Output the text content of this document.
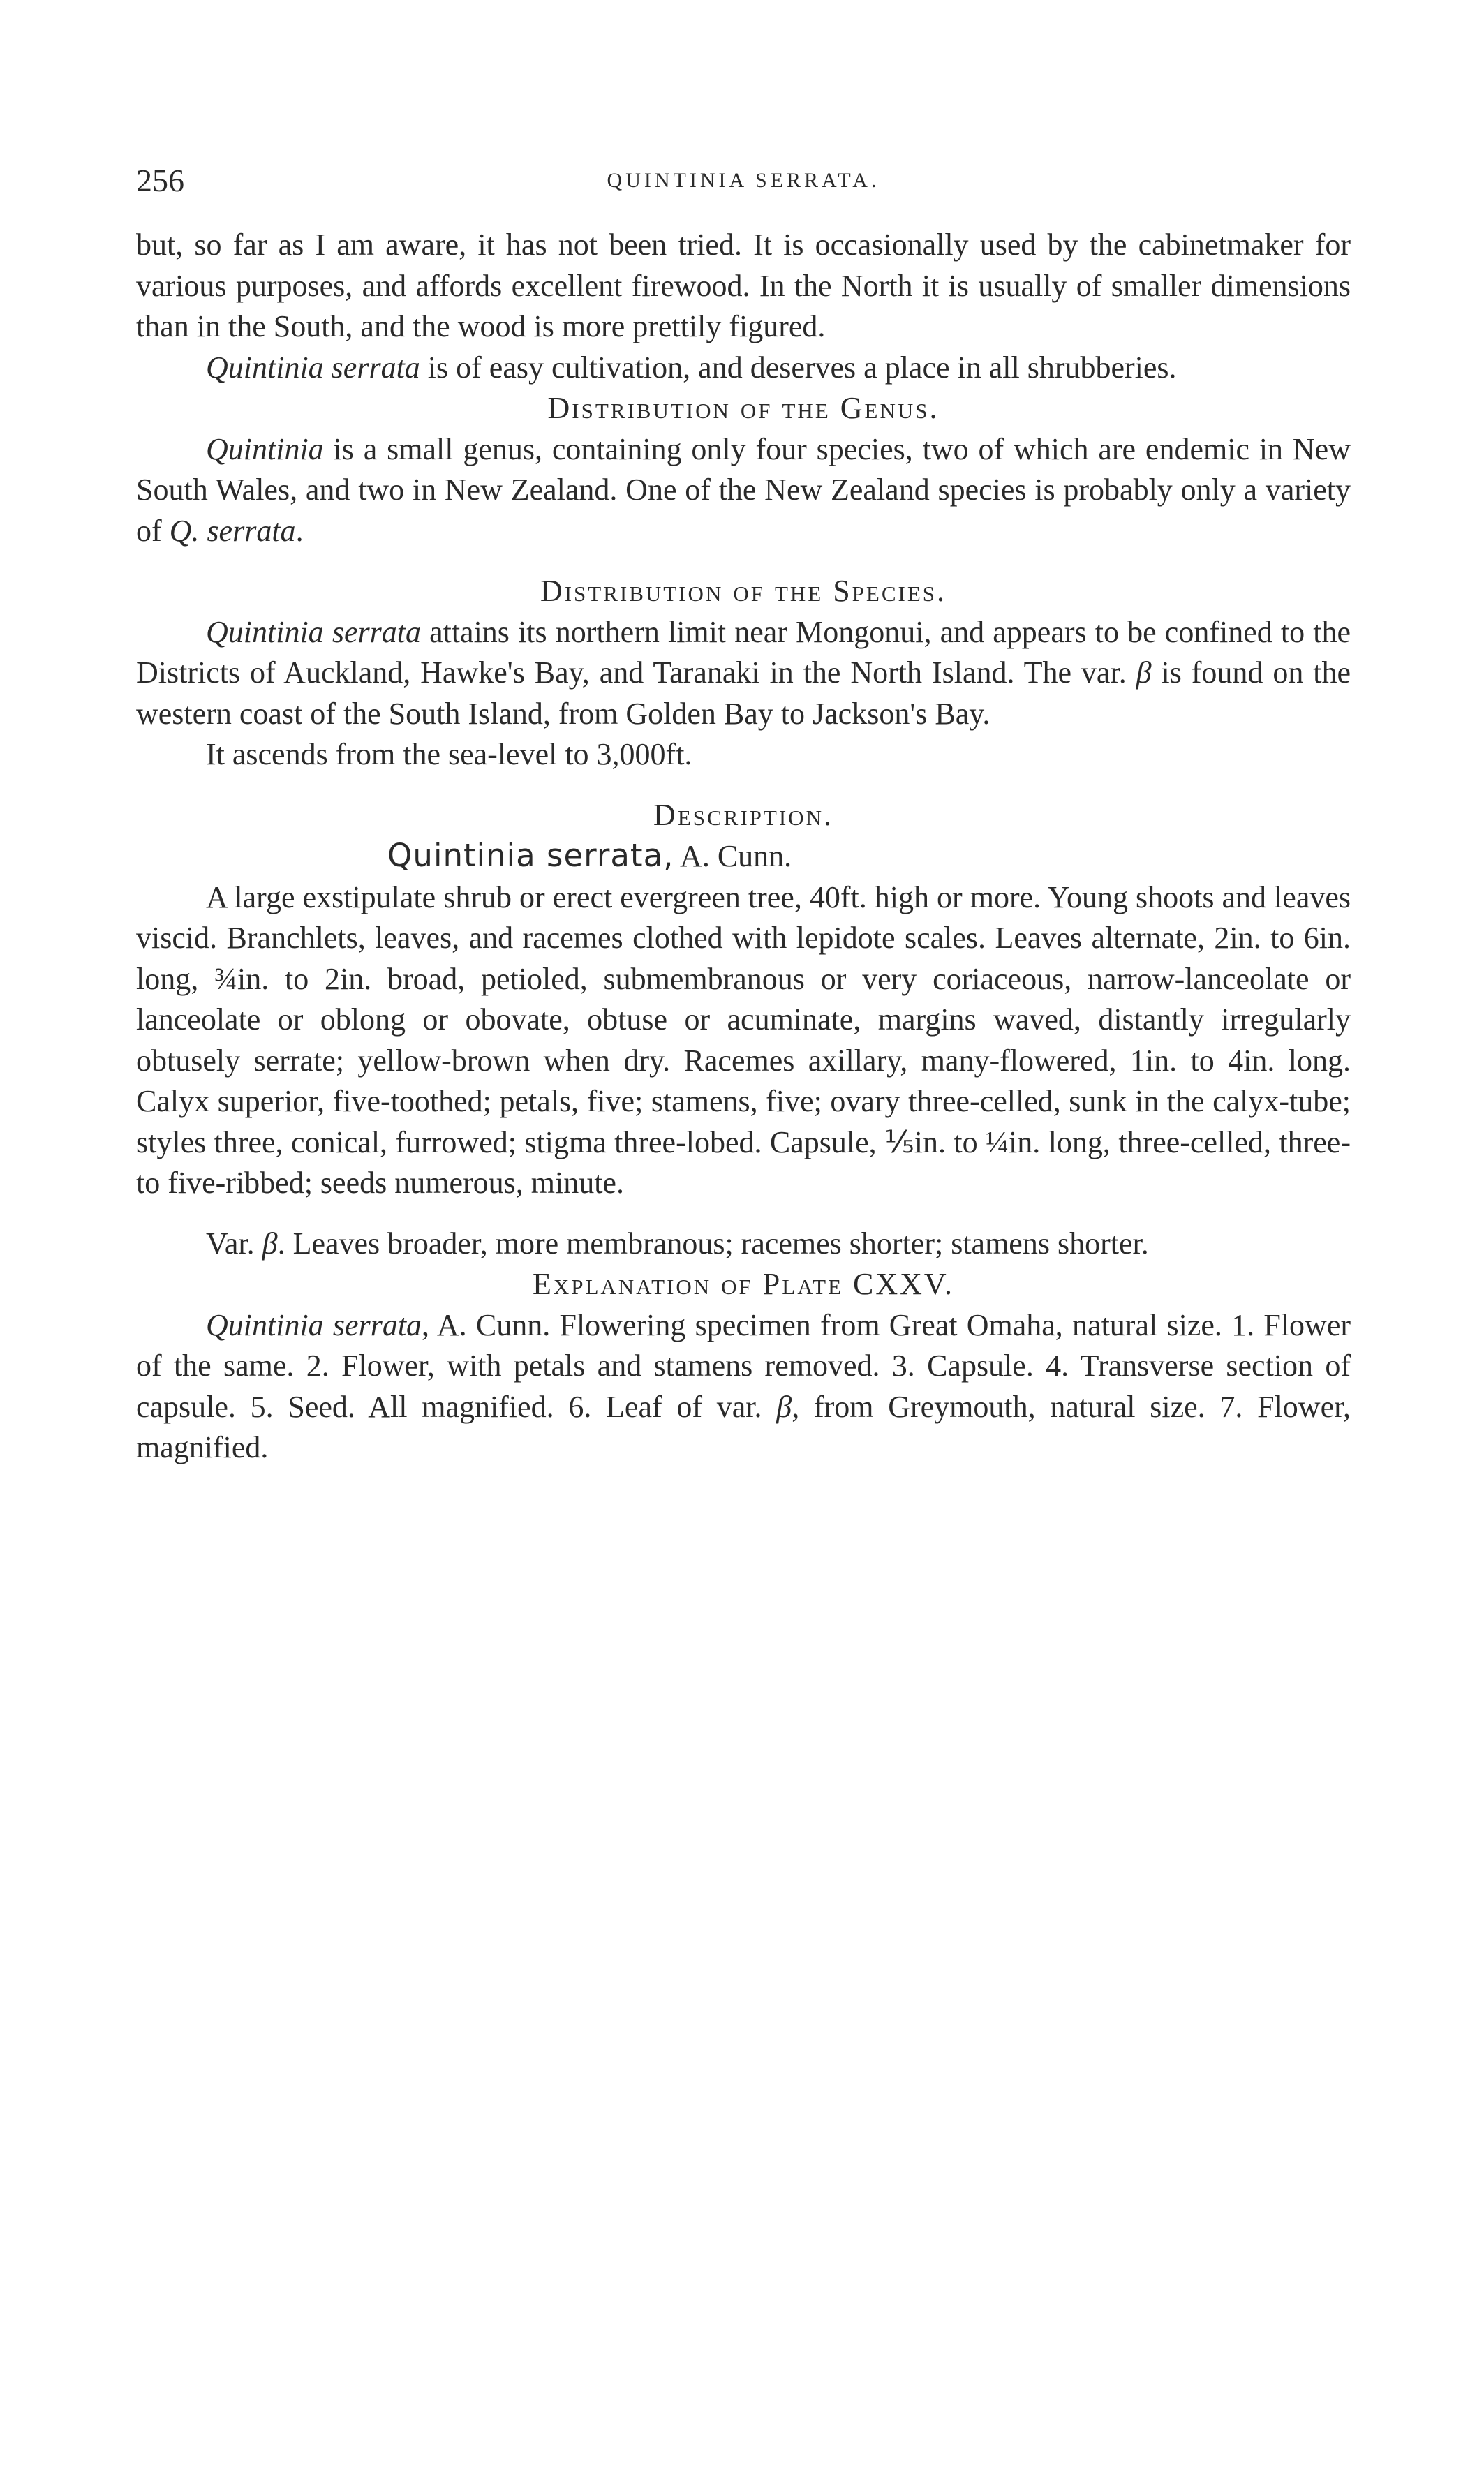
256	QUINTINIA SERRATA.

but, so far as I am aware, it has not been tried. It is occasionally used by the cabinetmaker for various purposes, and affords excellent firewood. In the North it is usually of smaller dimensions than in the South, and the wood is more prettily figured.

Quintinia serrata is of easy cultivation, and deserves a place in all shrubberies.

Distribution of the Genus.

Quintinia is a small genus, containing only four species, two of which are endemic in New South Wales, and two in New Zealand. One of the New Zealand species is probably only a variety of Q. serrata.

Distribution of the Species.

Quintinia serrata attains its northern limit near Mongonui, and appears to be confined to the Districts of Auckland, Hawke's Bay, and Taranaki in the North Island. The var. β is found on the western coast of the South Island, from Golden Bay to Jackson's Bay.

It ascends from the sea-level to 3,000ft.

Description.

Quintinia serrata, A. Cunn.

A large exstipulate shrub or erect evergreen tree, 40ft. high or more. Young shoots and leaves viscid. Branchlets, leaves, and racemes clothed with lepidote scales. Leaves alternate, 2in. to 6in. long, ¾in. to 2in. broad, petioled, submembranous or very coriaceous, narrow-lanceolate or lanceolate or oblong or obovate, obtuse or acuminate, margins waved, distantly irregularly obtusely serrate; yellow-brown when dry. Racemes axillary, many-flowered, 1in. to 4in. long. Calyx superior, five-toothed; petals, five; stamens, five; ovary three-celled, sunk in the calyx-tube; styles three, conical, furrowed; stigma three-lobed. Capsule, ⅕in. to ¼in. long, three-celled, three- to five-ribbed; seeds numerous, minute.

Var. β. Leaves broader, more membranous; racemes shorter; stamens shorter.

Explanation of Plate CXXV.

Quintinia serrata, A. Cunn. Flowering specimen from Great Omaha, natural size. 1. Flower of the same. 2. Flower, with petals and stamens removed. 3. Capsule. 4. Transverse section of capsule. 5. Seed. All magnified. 6. Leaf of var. β, from Greymouth, natural size. 7. Flower, magnified.
